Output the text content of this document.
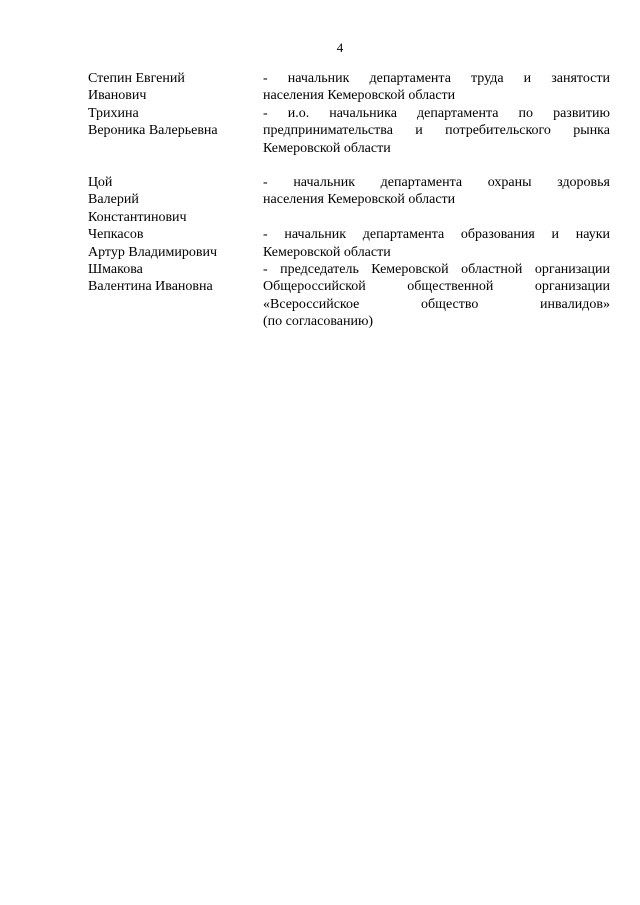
4
Степин Евгений
Иванович
- начальник департамента труда и занятости
населения Кемеровской области
Трихина
Вероника Валерьевна
- и.о. начальника департамента по развитию
предпринимательства и потребительского рынка
Кемеровской области
Цой
Валерий
Константинович
- начальник департамента охраны здоровья
населения Кемеровской области
Чепкасов
Артур Владимирович
- начальник департамента образования и науки
Кемеровской области
Шмакова
Валентина Ивановна
- председатель Кемеровской областной организации
Общероссийской общественной организации
«Всероссийское общество инвалидов»
(по согласованию)
